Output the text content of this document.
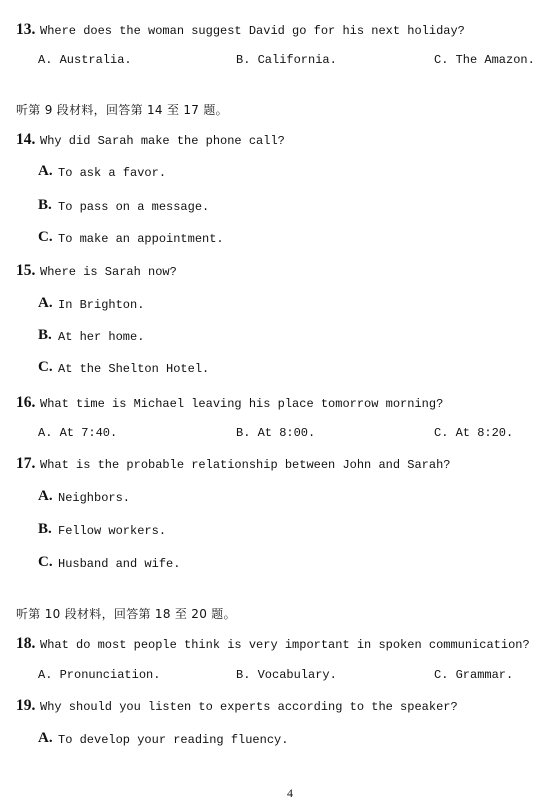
13. Where does the woman suggest David go for his next holiday?
A. Australia.	B. California.	C. The Amazon.
听第 9 段材料，回答第 14 至 17 题。
14. Why did Sarah make the phone call?
A. To ask a favor.
B. To pass on a message.
C. To make an appointment.
15. Where is Sarah now?
A. In Brighton.
B. At her home.
C. At the Shelton Hotel.
16. What time is Michael leaving his place tomorrow morning?
A. At 7:40.	B. At 8:00.	C. At 8:20.
17. What is the probable relationship between John and Sarah?
A. Neighbors.
B. Fellow workers.
C. Husband and wife.
听第 10 段材料，回答第 18 至 20 题。
18. What do most people think is very important in spoken communication?
A. Pronunciation.	B. Vocabulary.	C. Grammar.
19. Why should you listen to experts according to the speaker?
A. To develop your reading fluency.
4
